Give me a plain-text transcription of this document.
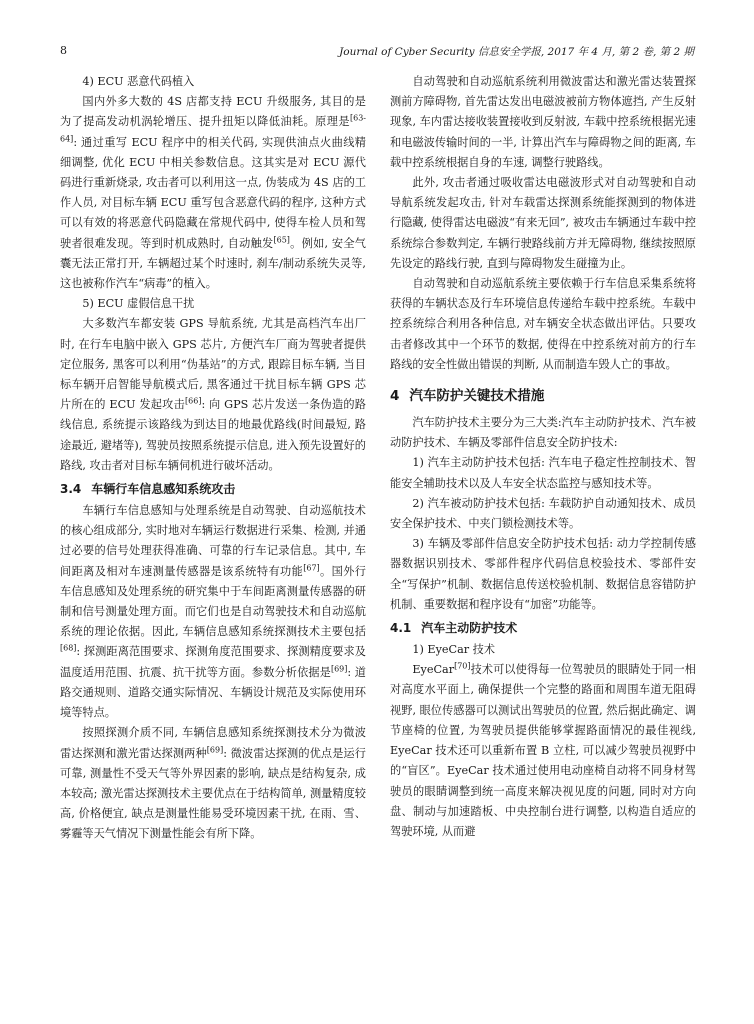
8	Journal of Cyber Security 信息安全学报, 2017 年 4 月, 第 2 卷, 第 2 期

4) ECU 恶意代码植入

国内外多大数的 4S 店都支持 ECU 升级服务, 其目的是为了提高发动机涡轮增压、提升扭矩以降低油耗。原理是[63-64]: 通过重写 ECU 程序中的相关代码, 实现供油点火曲线精细调整, 优化 ECU 中相关参数信息。这其实是对 ECU 源代码进行重新烧录, 攻击者可以利用这一点, 伪装成为 4S 店的工作人员, 对目标车辆 ECU 重写包含恶意代码的程序, 这种方式可以有效的将恶意代码隐藏在常规代码中, 使得车检人员和驾驶者很难发现。等到时机成熟时, 自动触发[65]。例如, 安全气囊无法正常打开, 车辆超过某个时速时, 刹车/制动系统失灵等, 这也被称作汽车“病毒”的植入。

5) ECU 虚假信息干扰

大多数汽车都安装 GPS 导航系统, 尤其是高档汽车出厂时, 在行车电脑中嵌入 GPS 芯片, 方便汽车厂商为驾驶者提供定位服务, 黑客可以利用“伪基站”的方式, 跟踪目标车辆, 当目标车辆开启智能导航模式后, 黑客通过干扰目标车辆 GPS 芯片所在的 ECU 发起攻击[66]: 向 GPS 芯片发送一条伪造的路线信息, 系统提示该路线为到达目的地最优路线(时间最短, 路途最近, 避堵等), 驾驶员按照系统提示信息, 进入预先设置好的路线, 攻击者对目标车辆伺机进行破坏活动。

3.4 车辆行车信息感知系统攻击

车辆行车信息感知与处理系统是自动驾驶、自动巡航技术的核心组成部分, 实时地对车辆运行数据进行采集、检测, 并通过必要的信号处理获得准确、可靠的行车记录信息。其中, 车间距离及相对车速测量传感器是该系统特有功能[67]。国外行车信息感知及处理系统的研究集中于车间距离测量传感器的研制和信号测量处理方面。而它们也是自动驾驶技术和自动巡航系统的理论依据。因此, 车辆信息感知系统探测技术主要包括[68]: 探测距离范围要求、探测角度范围要求、探测精度要求及温度适用范围、抗震、抗干扰等方面。参数分析依据是[69]: 道路交通规则、道路交通实际情况、车辆设计规范及实际使用环境等特点。

按照探测介质不同, 车辆信息感知系统探测技术分为微波雷达探测和激光雷达探测两种[69]: 微波雷达探测的优点是运行可靠, 测量性不受天气等外界因素的影响, 缺点是结构复杂, 成本较高; 激光雷达探测技术主要优点在于结构简单, 测量精度较高, 价格便宜, 缺点是测量性能易受环境因素干扰, 在雨、雪、雾霾等天气情况下测量性能会有所下降。

自动驾驶和自动巡航系统利用微波雷达和激光雷达装置探测前方障碍物, 首先雷达发出电磁波被前方物体遮挡, 产生反射现象, 车内雷达接收装置接收到反射波, 车载中控系统根据光速和电磁波传输时间的一半, 计算出汽车与障碍物之间的距离, 车载中控系统根据自身的车速, 调整行驶路线。

此外, 攻击者通过吸收雷达电磁波形式对自动驾驶和自动导航系统发起攻击, 针对车载雷达探测系统能探测到的物体进行隐藏, 使得雷达电磁波“有来无回”, 被攻击车辆通过车载中控系统综合参数判定, 车辆行驶路线前方并无障碍物, 继续按照原先设定的路线行驶, 直到与障碍物发生碰撞为止。

自动驾驶和自动巡航系统主要依赖于行车信息采集系统将获得的车辆状态及行车环境信息传递给车载中控系统。车载中控系统综合利用各种信息, 对车辆安全状态做出评估。只要攻击者修改其中一个环节的数据, 使得在中控系统对前方的行车路线的安全性做出错误的判断, 从而制造车毁人亡的事故。

4 汽车防护关键技术措施

汽车防护技术主要分为三大类:汽车主动防护技术、汽车被动防护技术、车辆及零部件信息安全防护技术:

1) 汽车主动防护技术包括: 汽车电子稳定性控制技术、智能安全辅助技术以及人车安全状态监控与感知技术等。

2) 汽车被动防护技术包括: 车载防护自动通知技术、成员安全保护技术、中夹门锁检测技术等。

3) 车辆及零部件信息安全防护技术包括: 动力学控制传感器数据识别技术、零部件程序代码信息校验技术、零部件安全“写保护”机制、数据信息传送校验机制、数据信息容错防护机制、重要数据和程序设有“加密”功能等。

4.1 汽车主动防护技术

1) EyeCar 技术

EyeCar[70]技术可以使得每一位驾驶员的眼睛处于同一相对高度水平面上, 确保提供一个完整的路面和周围车道无阻碍视野, 眼位传感器可以测试出驾驶员的位置, 然后据此确定、调节座椅的位置, 为驾驶员提供能够掌握路面情况的最佳视线, EyeCar 技术还可以重新布置 B 立柱, 可以减少驾驶员视野中的“盲区”。EyeCar 技术通过使用电动座椅自动将不同身材驾驶员的眼睛调整到统一高度来解决视见度的问题, 同时对方向盘、制动与加速踏板、中央控制台进行调整, 以构造自适应的驾驶环境, 从而避
